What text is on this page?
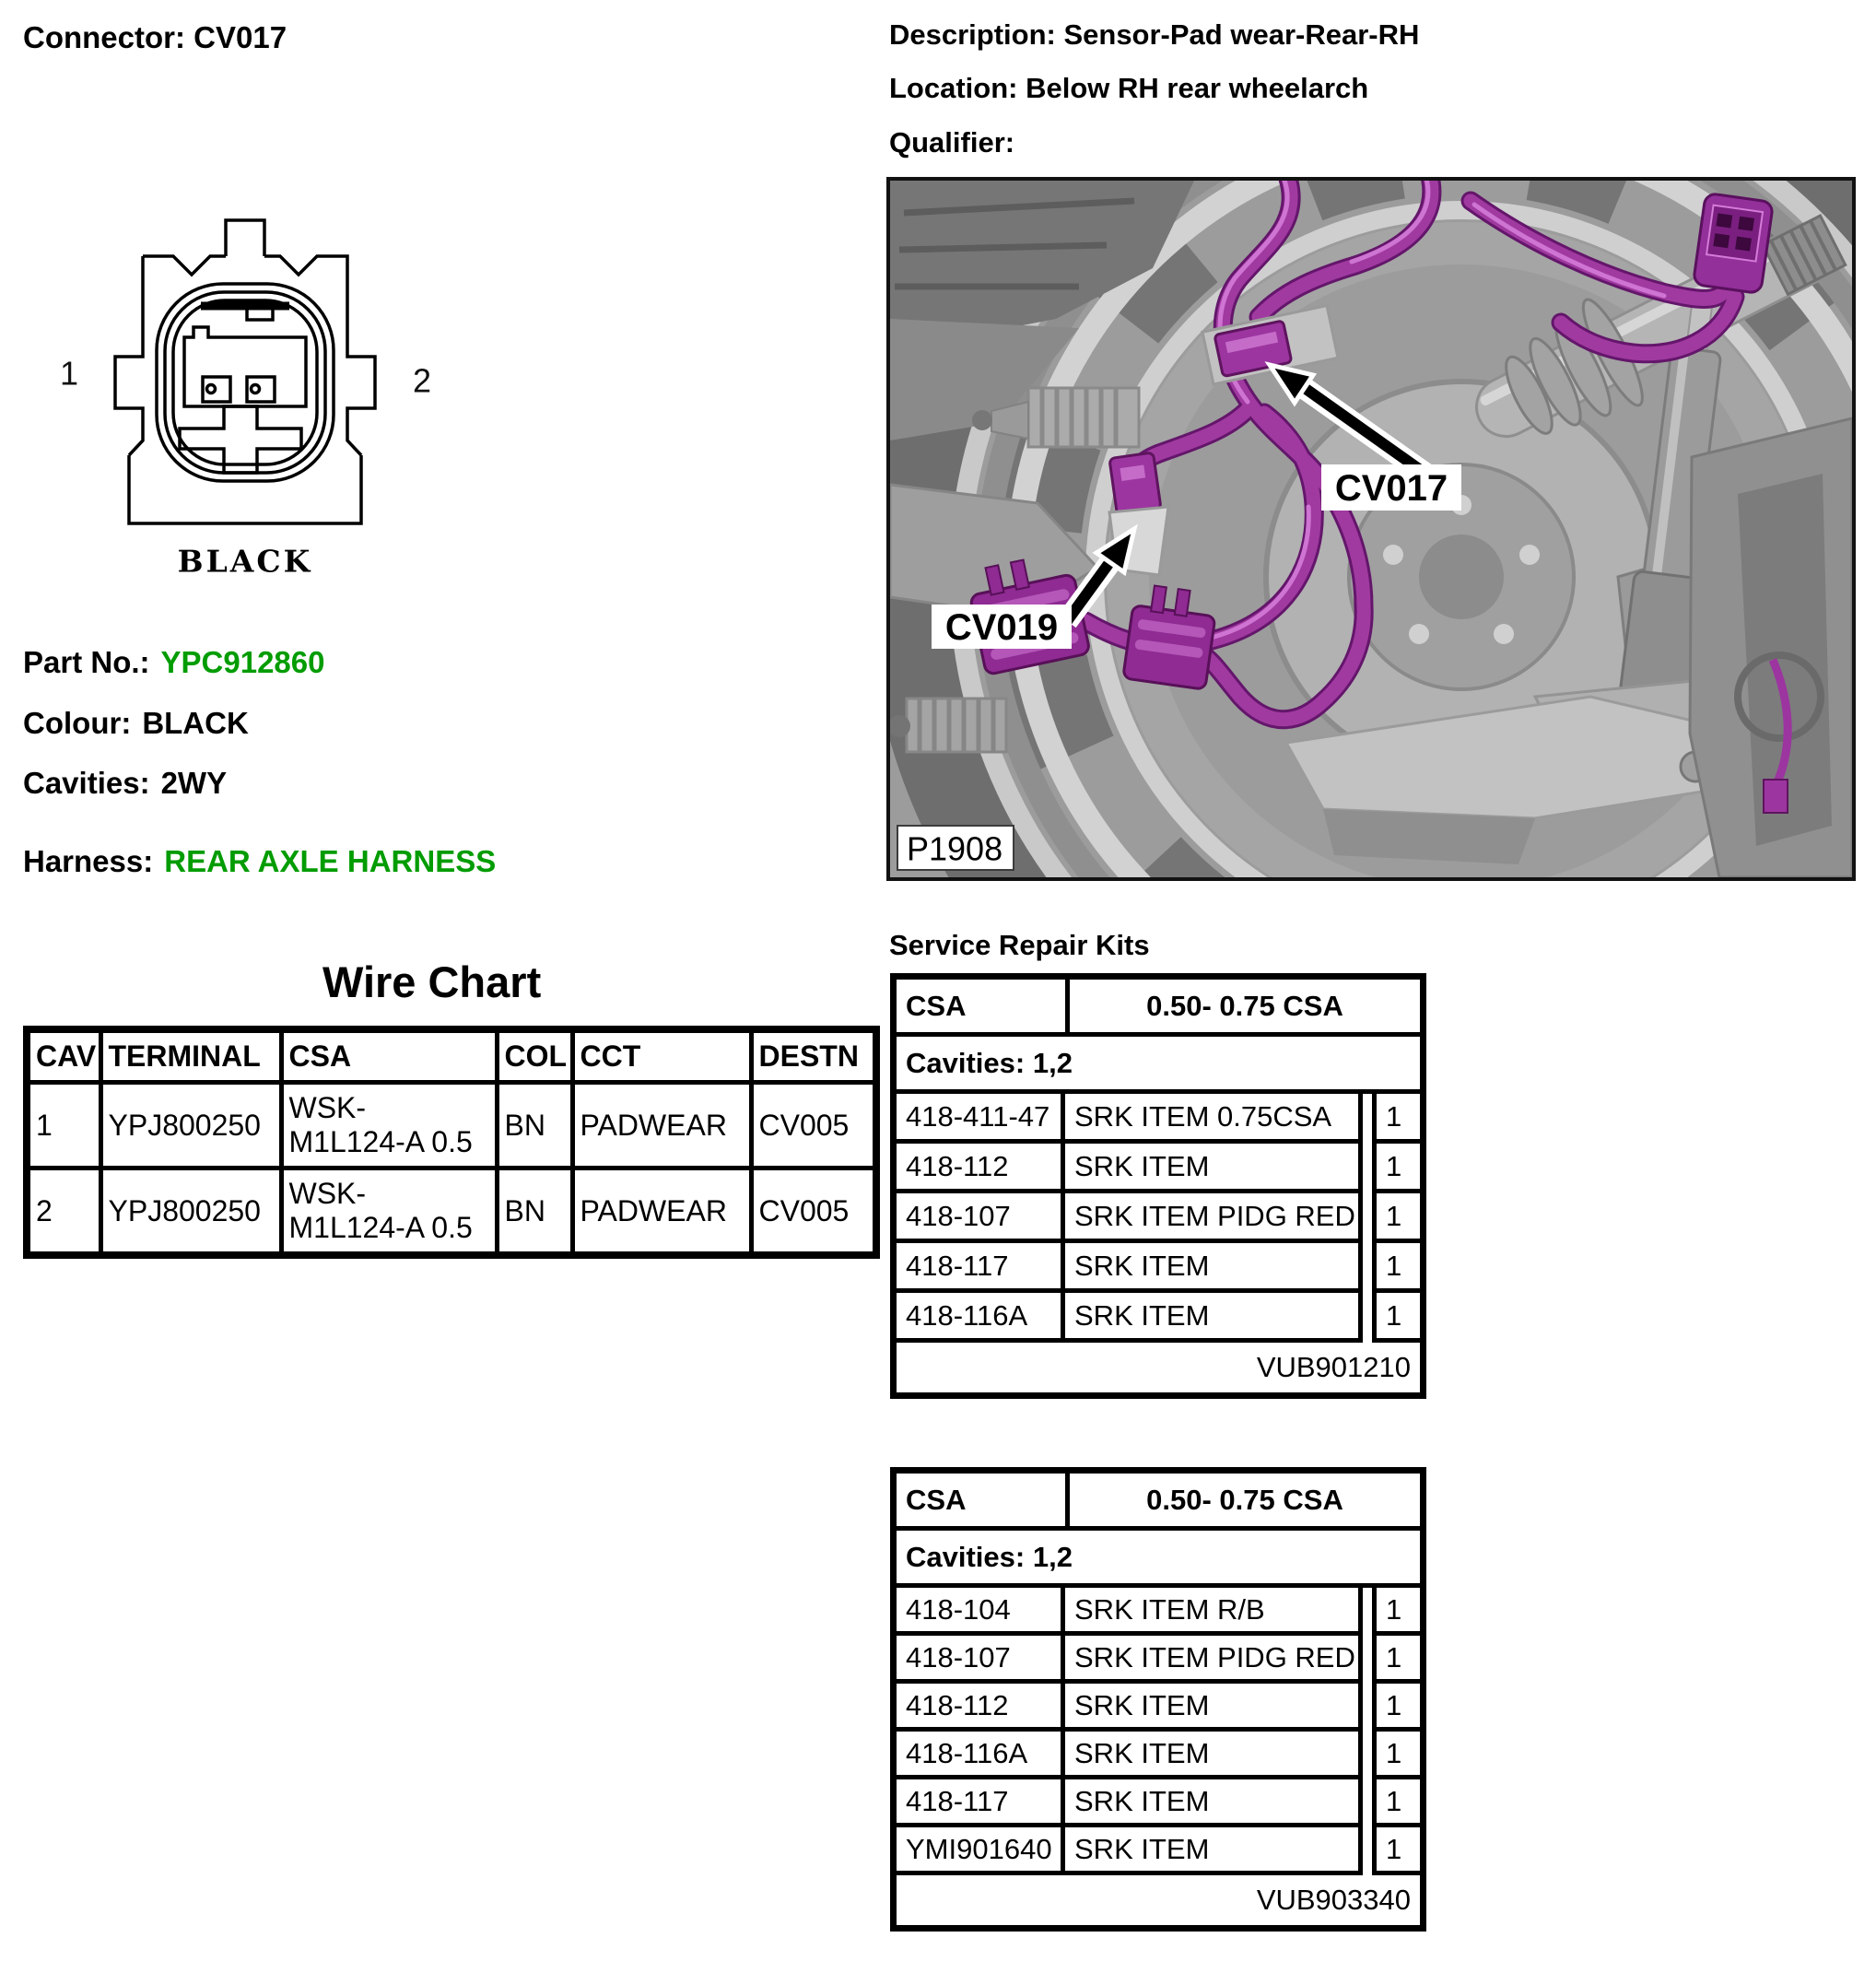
Connector: CV017	Description: Sensor-Pad wear-Rear-RH
Location: Below RH rear wheelarch
Qualifier:
1	2
BLACK
Part No.: YPC912860
Colour: BLACK
Cavities: 2WY
Harness: REAR AXLE HARNESS
CV017
CV019
P1908
Wire Chart
CAV	TERMINAL	CSA	COL	CCT	DESTN
1	YPJ800250	WSK-
M1L124-A 0.5	BN	PADWEAR	CV005
2	YPJ800250	WSK-
M1L124-A 0.5	BN	PADWEAR	CV005
Service Repair Kits
CSA	0.50- 0.75 CSA
Cavities: 1,2
418-411-47 SRK ITEM 0.75CSA	1
418-112	SRK ITEM	1
418-107	SRK ITEM PIDG RED	1
418-117	SRK ITEM	1
418-116A	SRK ITEM	1
VUB901210
CSA	0.50- 0.75 CSA
Cavities: 1,2
418-104	SRK ITEM R/B	1
418-107	SRK ITEM PIDG RED	1
418-112	SRK ITEM	1
418-116A	SRK ITEM	1
418-117	SRK ITEM	1
YMI901640 SRK ITEM	1
VUB903340
